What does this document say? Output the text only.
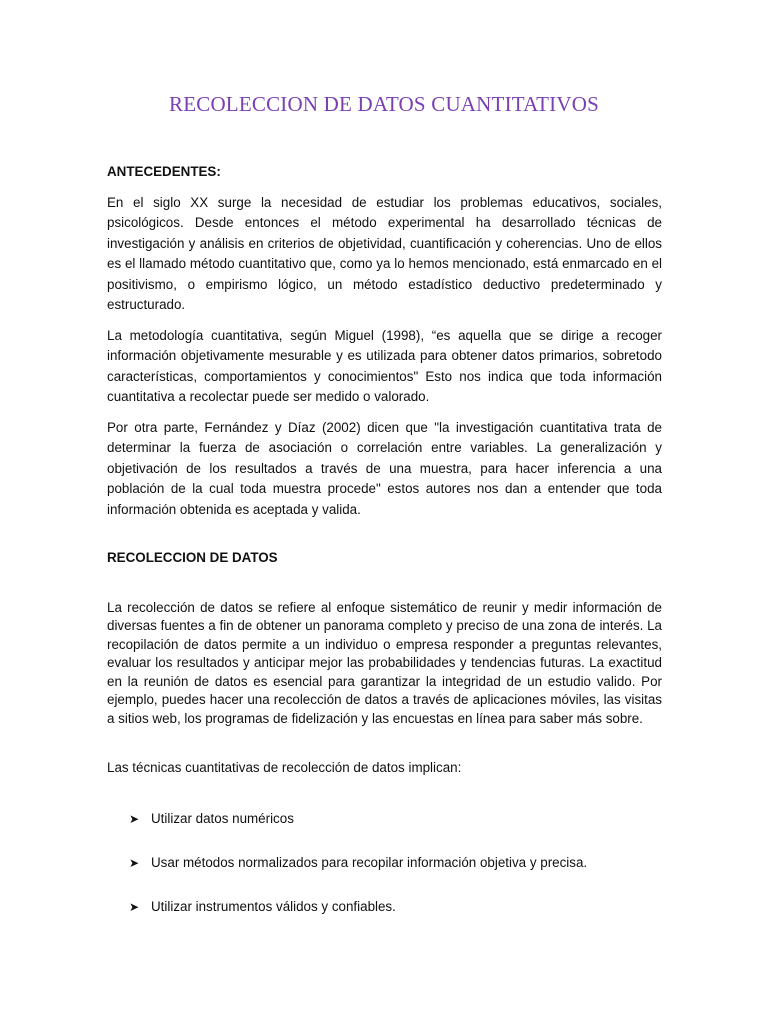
RECOLECCION DE DATOS CUANTITATIVOS
ANTECEDENTES:

En el siglo XX surge la necesidad de estudiar los problemas educativos, sociales, psicológicos. Desde entonces el método experimental ha desarrollado técnicas de investigación y análisis en criterios de objetividad, cuantificación y coherencias. Uno de ellos es el llamado método cuantitativo que, como ya lo hemos mencionado, está enmarcado en el positivismo, o empirismo lógico, un método estadístico deductivo predeterminado y estructurado.

La metodología cuantitativa, según Miguel (1998), “es aquella que se dirige a recoger información objetivamente mesurable y es utilizada para obtener datos primarios, sobretodo características, comportamientos y conocimientos" Esto nos indica que toda información cuantitativa a recolectar puede ser medido o valorado.

Por otra parte, Fernández y Díaz (2002) dicen que "la investigación cuantitativa trata de determinar la fuerza de asociación o correlación entre variables. La generalización y objetivación de los resultados a través de una muestra, para hacer inferencia a una población de la cual toda muestra procede" estos autores nos dan a entender que toda información obtenida es aceptada y valida.

RECOLECCION DE DATOS

La recolección de datos se refiere al enfoque sistemático de reunir y medir información de diversas fuentes a fin de obtener un panorama completo y preciso de una zona de interés. La recopilación de datos permite a un individuo o empresa responder a preguntas relevantes, evaluar los resultados y anticipar mejor las probabilidades y tendencias futuras. La exactitud en la reunión de datos es esencial para garantizar la integridad de un estudio valido. Por ejemplo, puedes hacer una recolección de datos a través de aplicaciones móviles, las visitas a sitios web, los programas de fidelización y las encuestas en línea para saber más sobre.

Las técnicas cuantitativas de recolección de datos implican:

➤ Utilizar datos numéricos
➤ Usar métodos normalizados para recopilar información objetiva y precisa.
➤ Utilizar instrumentos válidos y confiables.
